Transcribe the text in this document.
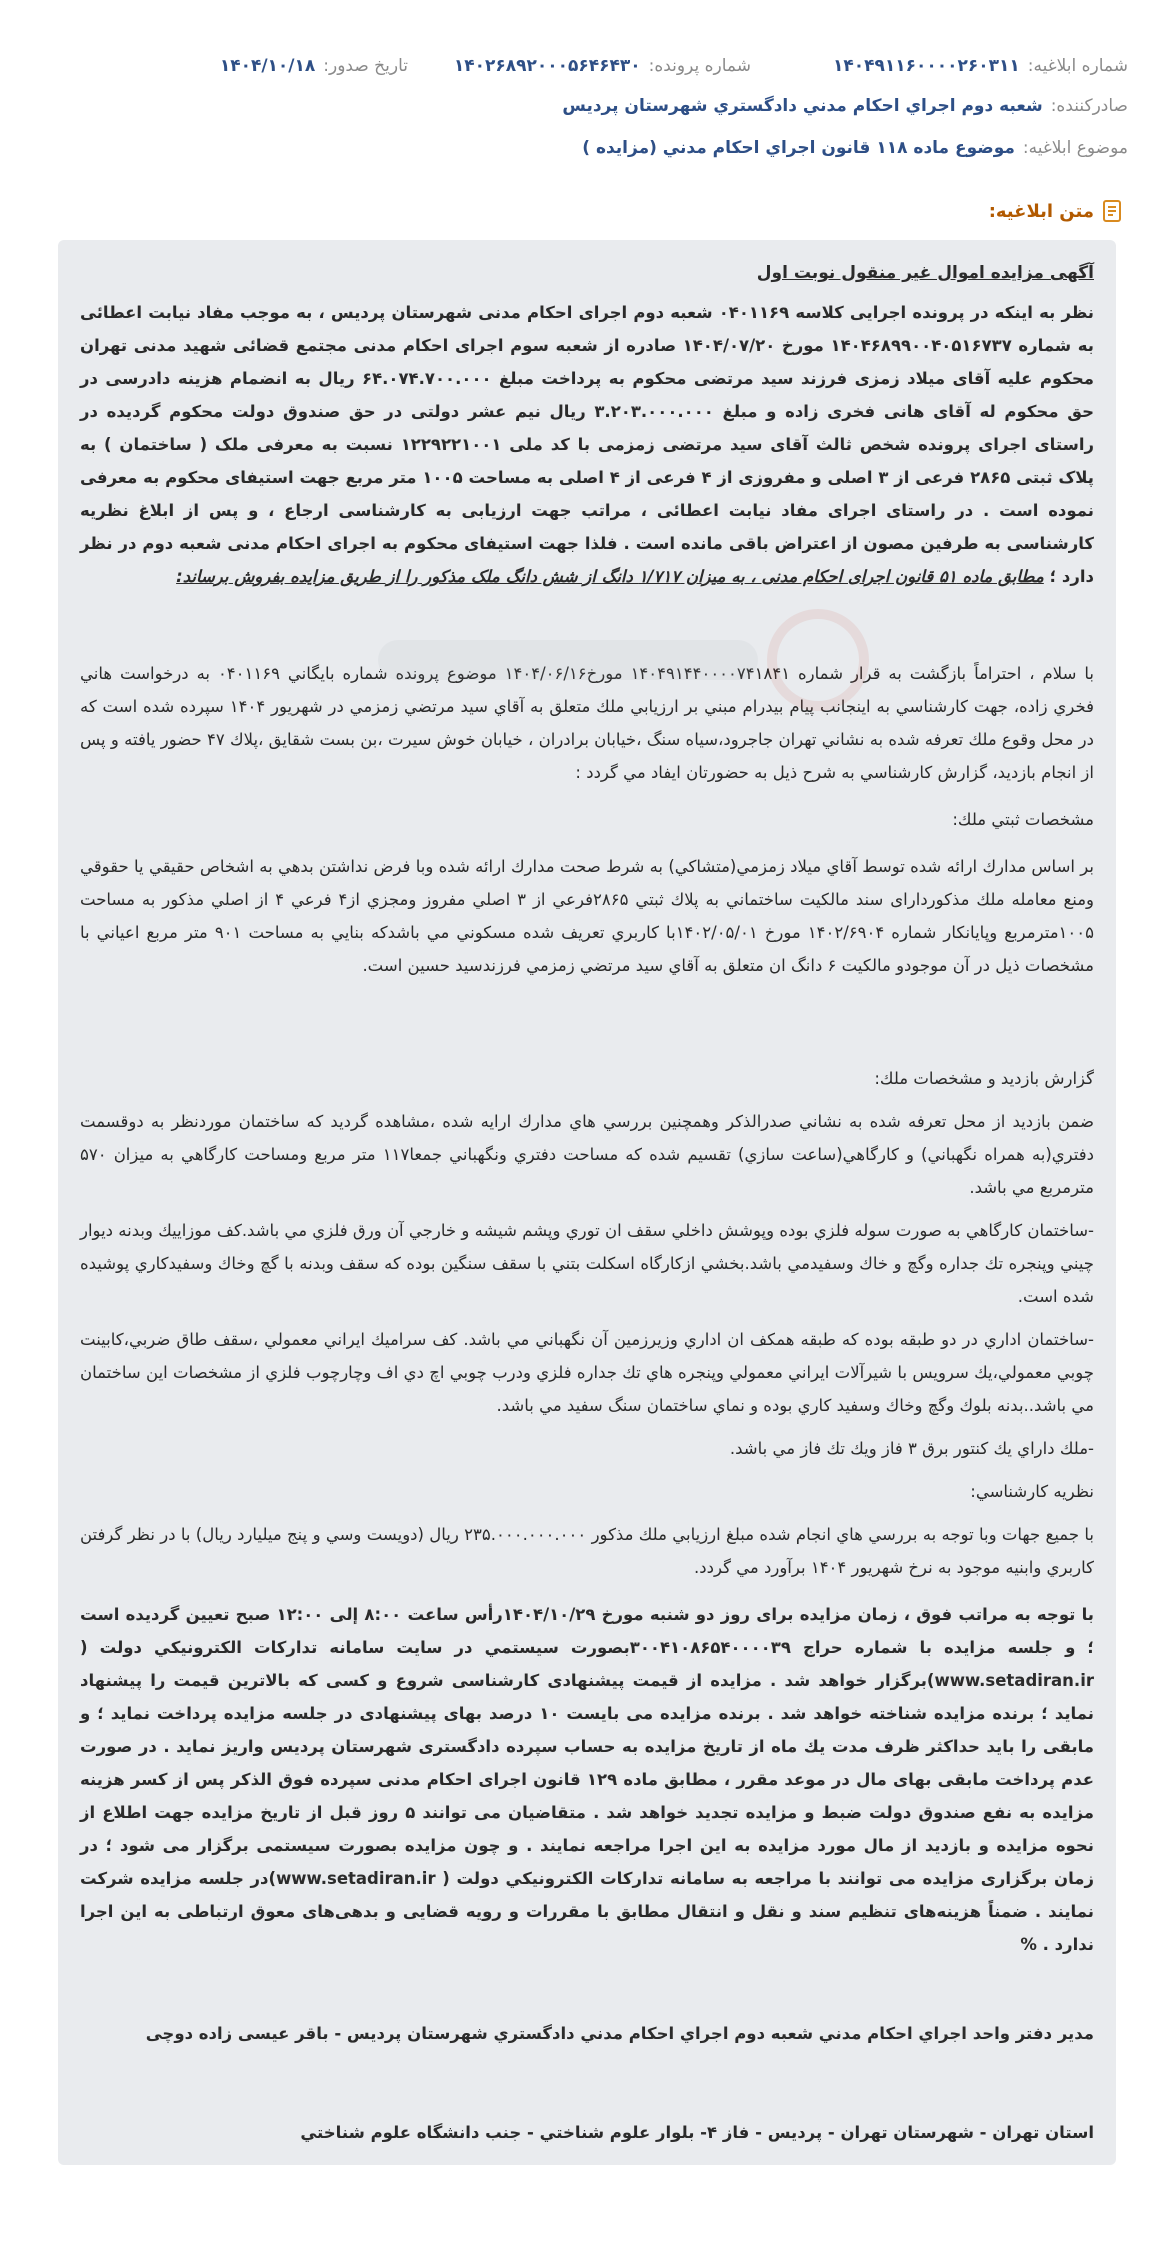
شماره ابلاغیه:۱۴۰۴۹۱۱۶۰۰۰۰۲۶۰۳۱۱
شماره پرونده:۱۴۰۲۶۸۹۲۰۰۰۵۶۴۶۴۳۰
تاریخ صدور:۱۴۰۴/۱۰/۱۸
صادرکننده:شعبه دوم اجراي احکام مدني دادگستري شهرستان پرديس
موضوع ابلاغیه:موضوع ماده ۱۱۸ قانون اجراي احکام مدني (مزايده )
متن ابلاغیه:

آگهی مزایده اموال غیر منقول نوبت اول

نظر به اینکه در پرونده اجرایی کلاسه ۰۴۰۱۱۶۹ شعبه دوم اجرای احکام مدنی شهرستان پردیس ، به موجب مفاد نیابت اعطائی به شماره ۱۴۰۴۶۸۹۹۰۰۴۰۵۱۶۷۳۷ مورخ ۱۴۰۴/۰۷/۲۰ صادره از شعبه سوم اجرای احکام مدنی مجتمع قضائی شهید مدنی تهران محکوم علیه آقای میلاد زمزی فرزند سید مرتضی محکوم به پرداخت مبلغ ۶۴.۰۷۴.۷۰۰.۰۰۰ ریال به انضمام هزینه دادرسی در حق محکوم له آقای هانی فخری زاده و مبلغ ۳.۲۰۳.۰۰۰.۰۰۰ ریال نیم عشر دولتی در حق صندوق دولت محکوم گردیده در راستای اجرای پرونده شخص ثالث آقای سید مرتضی زمزمی با کد ملی ۱۲۲۹۲۲۱۰۰۱ نسبت به معرفی ملک ( ساختمان ) به پلاک ثبتی ۲۸۶۵ فرعی از ۳ اصلی و مفروزی از ۴ فرعی از ۴ اصلی به مساحت ۱۰۰۵ متر مربع جهت استیفای محکوم به معرفی نموده است . در راستای اجرای مفاد نیابت اعطائی ، مراتب جهت ارزیابی به کارشناسی ارجاع ، و پس از ابلاغ نظریه کارشناسی به طرفین مصون از اعتراض باقی مانده است . فلذا جهت استیفای محکوم به اجرای احکام مدنی شعبه دوم در نظر دارد ؛ مطابق ماده ۵۱ قانون اجرای احکام مدنی ، به میزان ۱/۷۱۷ دانگ از شش دانگ ملک مذکور را از طریق مزایده بفروش برساند:

با سلام ، احتراماً بازگشت به قرار شماره ۱۴۰۴۹۱۴۴۰۰۰۰۷۴۱۸۴۱ مورخ۱۴۰۴/۰۶/۱۶ موضوع پرونده شماره بايگاني ۰۴۰۱۱۶۹ به درخواست هاني فخري زاده، جهت کارشناسي به اينجانب پيام بيدرام مبني بر ارزيابي ملك متعلق به آقاي سيد مرتضي زمزمي در شهريور ۱۴۰۴ سپرده شده است که در محل وقوع ملك تعرفه شده به نشاني تهران جاجرود،سياه سنگ ،خيابان برادران ، خيابان خوش سيرت ،بن بست شقايق ،پلاك ۴۷ حضور يافته و پس از انجام بازديد، گزارش کارشناسي به شرح ذيل به حضورتان ايفاد مي گردد :

مشخصات ثبتي ملك:

بر اساس مدارك ارائه شده توسط آقاي ميلاد زمزمي(متشاكي) به شرط صحت مدارك ارائه شده وبا فرض نداشتن بدهي به اشخاص حقيقي يا حقوقي ومنع معامله ملك مذكوردارای سند مالكيت ساختماني به پلاك ثبتي ۲۸۶۵فرعي از ۳ اصلي مفروز ومجزي از۴ فرعي ۴ از اصلي مذكور به مساحت ۱۰۰۵مترمربع وپايانكار شماره ۱۴۰۲/۶۹۰۴ مورخ ۱۴۰۲/۰۵/۰۱با كاربري تعريف شده مسكوني مي باشدكه بنايي به مساحت ۹۰۱ متر مربع اعياني با مشخصات ذيل در آن موجودو مالكيت ۶ دانگ ان متعلق به آقاي سيد مرتضي زمزمي فرزندسيد حسين است.

گزارش بازديد و مشخصات ملك:

ضمن بازديد از محل تعرفه شده به نشاني صدرالذكر وهمچنين بررسي هاي مدارك ارايه شده ،مشاهده گرديد كه ساختمان موردنظر به دوقسمت دفتري(به همراه نگهباني) و كارگاهي(ساعت سازي) تقسيم شده كه مساحت دفتري ونگهباني جمعا۱۱۷ متر مربع ومساحت كارگاهي به ميزان ۵۷۰ مترمربع مي باشد.

-ساختمان كارگاهي به صورت سوله فلزي بوده وپوشش داخلي سقف ان توري وپشم شيشه و خارجي آن ورق فلزي مي باشد.كف موزاييك وبدنه ديوار چيني وپنجره تك جداره وگچ و خاك وسفيدمي باشد.بخشي ازكارگاه اسكلت بتني با سقف سنگين بوده كه سقف وبدنه با گچ وخاك وسفيدكاري پوشيده شده است.

-ساختمان اداري در دو طبقه بوده كه طبقه همكف ان اداري وزيرزمين آن نگهباني مي باشد. كف سراميك ايراني معمولي ،سقف طاق ضربي،كابينت چوبي معمولي،يك سرويس با شيرآلات ايراني معمولي وپنجره هاي تك جداره فلزي ودرب چوبي اچ دي اف وچارچوب فلزي از مشخصات اين ساختمان مي باشد..بدنه بلوك وگچ وخاك وسفيد كاري بوده و نماي ساختمان سنگ سفيد مي باشد.

-ملك داراي يك كنتور برق ۳ فاز ويك تك فاز مي باشد.

نظريه كارشناسي:

با جميع جهات وبا توجه به بررسي هاي انجام شده مبلغ ارزيابي ملك مذكور ۲۳۵.۰۰۰.۰۰۰.۰۰۰ ريال (دويست وسي و پنج ميليارد ريال) با در نظر گرفتن كاربري وابنيه موجود به نرخ شهريور ۱۴۰۴ برآورد مي گردد.

با توجه به مراتب فوق ، زمان مزایده برای روز دو شنبه مورخ ۱۴۰۴/۱۰/۲۹رأس ساعت ۸:۰۰ إلی ۱۲:۰۰ صبح تعیین گردیده است ؛ و جلسه مزایده با شماره حراج ۳۰۰۴۱۰۸۶۵۴۰۰۰۰۳۹بصورت سیستمي در سایت سامانه تداركات الكترونيكي دولت ( www.setadiran.ir)برگزار خواهد شد . مزایده از قیمت پیشنهادی كارشناسی شروع و كسی كه بالاترین قیمت را پیشنهاد نماید ؛ برنده مزایده شناخته خواهد شد . برنده مزایده می بایست ۱۰ درصد بهای پیشنهادی در جلسه مزایده پرداخت نماید ؛ و مابقی را باید حداكثر ظرف مدت یك ماه از تاریخ مزایده به حساب سپرده دادگستری شهرستان پردیس واریز نماید . در صورت عدم پرداخت مابقی بهای مال در موعد مقرر ، مطابق ماده ۱۲۹ قانون اجرای احكام مدنی سپرده فوق الذكر پس از كسر هزینه مزایده به نفع صندوق دولت ضبط و مزایده تجدید خواهد شد . متقاضیان می توانند ۵ روز قبل از تاریخ مزایده جهت اطلاع از نحوه مزایده و بازدید از مال مورد مزایده به این اجرا مراجعه نمایند . و چون مزایده بصورت سیستمی برگزار می شود ؛ در زمان برگزاری مزایده می توانند با مراجعه به سامانه تداركات الكترونيكي دولت ( www.setadiran.ir)در جلسه مزایده شرکت نمایند . ضمناً هزینه‌های تنظیم سند و نقل و انتقال مطابق با مقررات و رویه قضایی و بدهی‌های معوق ارتباطی به این اجرا ندارد . %

مدير دفتر واحد اجراي احکام مدني شعبه دوم اجراي احکام مدني دادگستري شهرستان پرديس - باقر عيسی زاده دوچی

استان تهران - شهرستان تهران - پرديس - فاز ۴- بلوار علوم شناختي - جنب دانشگاه علوم شناختي
